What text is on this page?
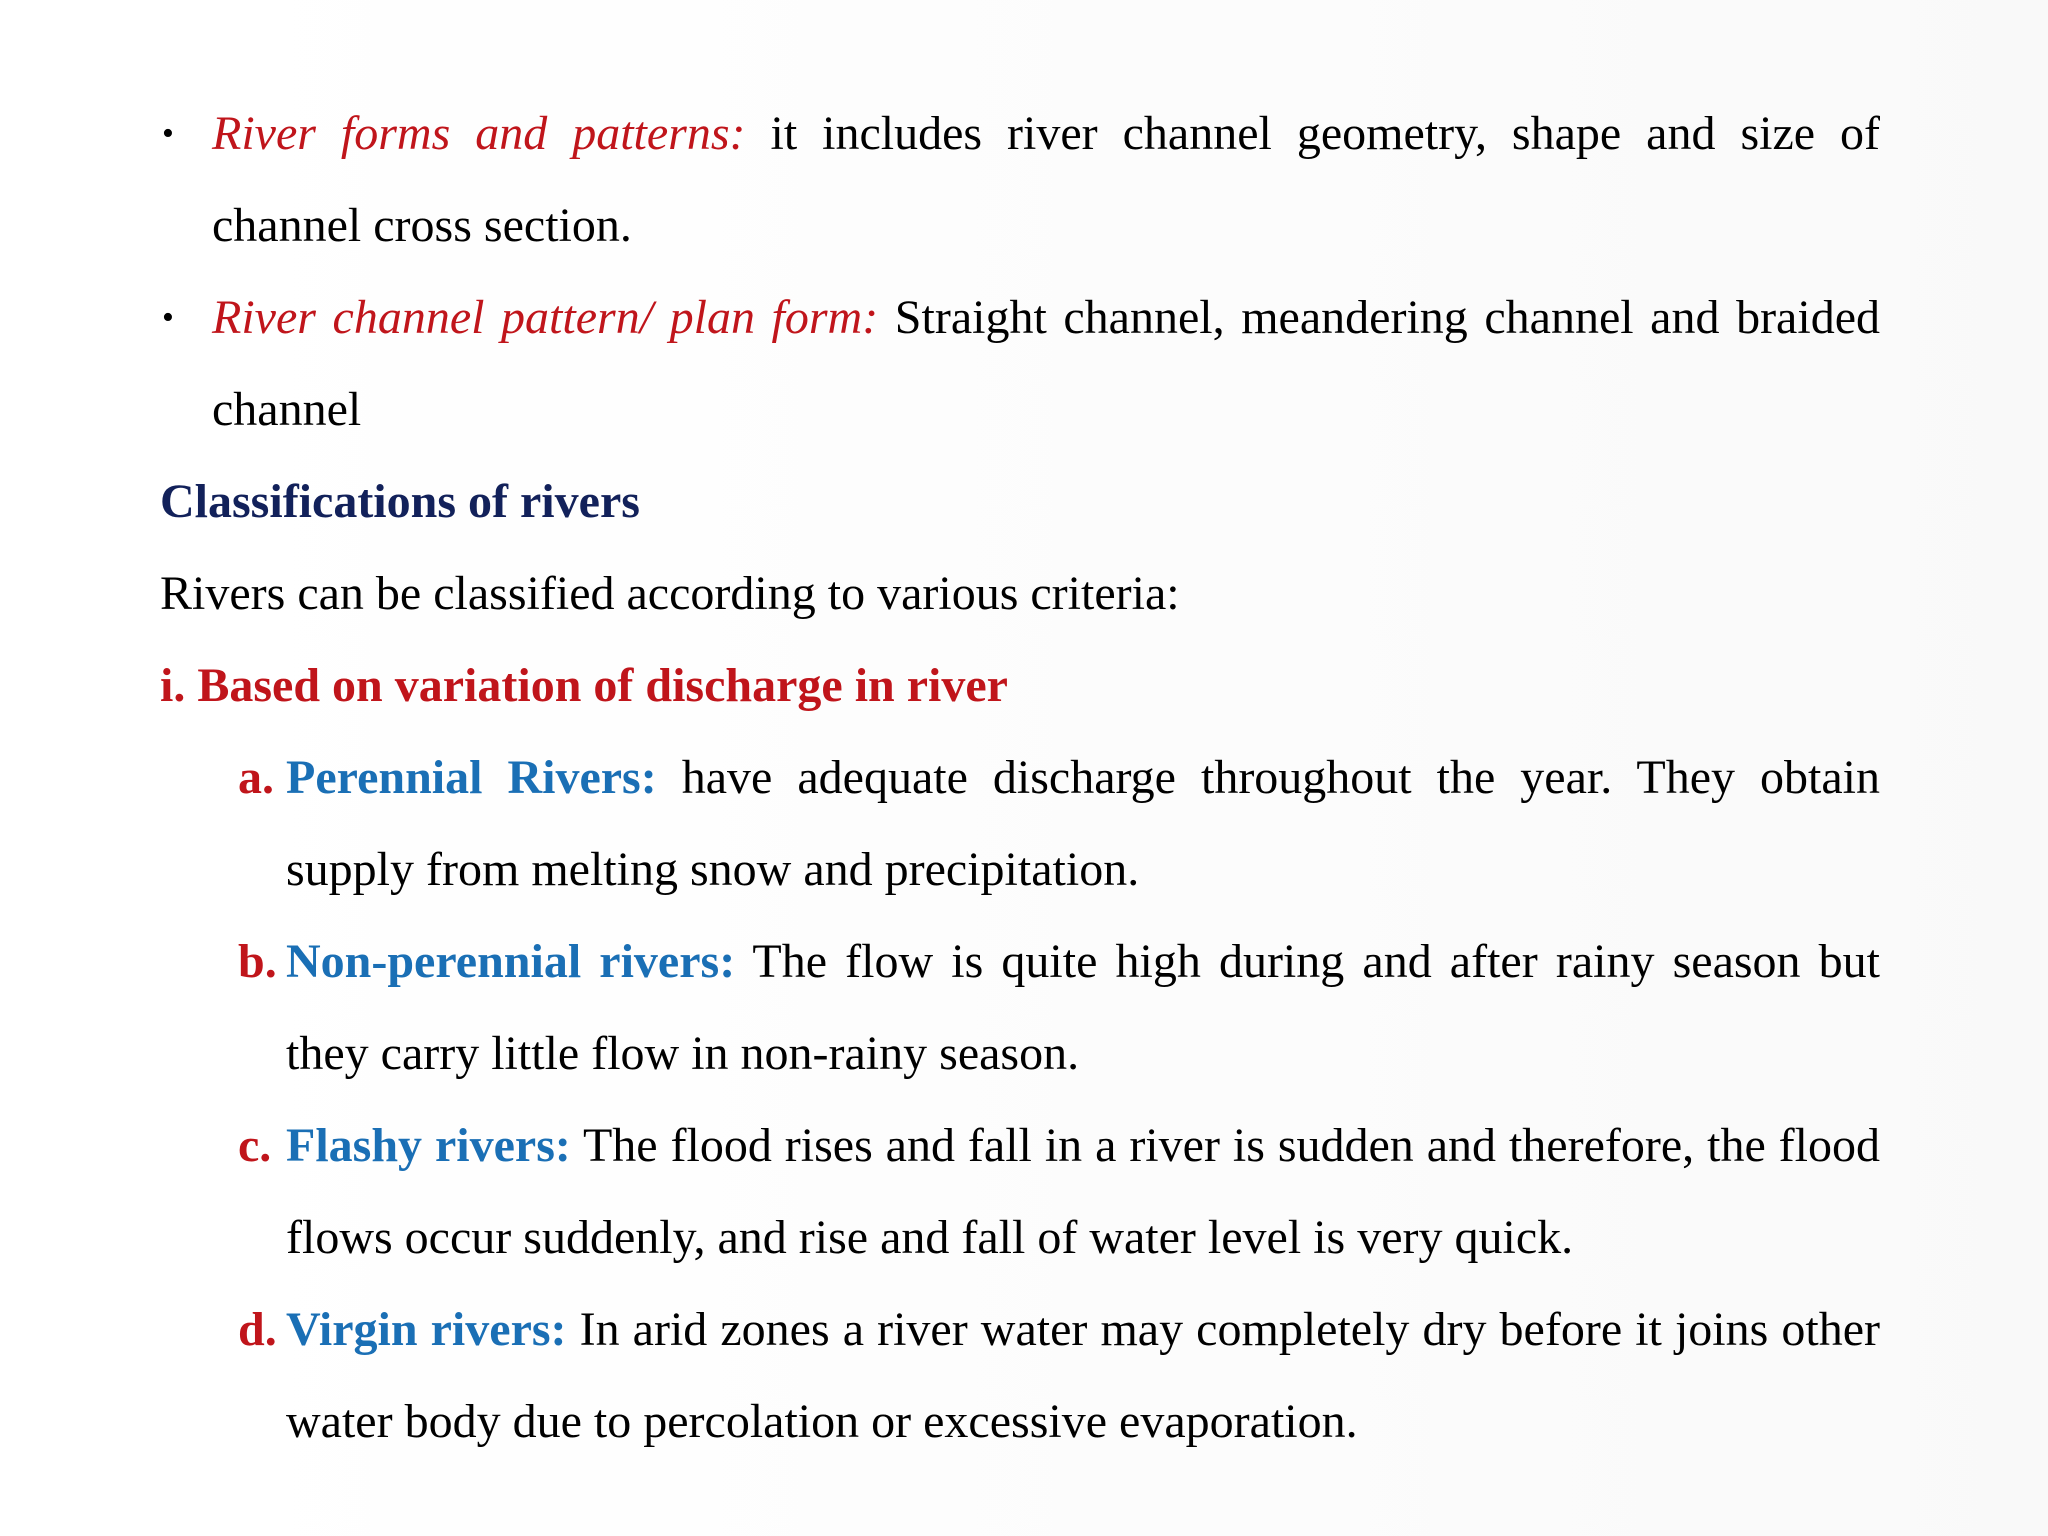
• River forms and patterns: it includes river channel geometry, shape and size of channel cross section.
• River channel pattern/ plan form: Straight channel, meandering channel and braided channel
Classifications of rivers
Rivers can be classified according to various criteria:
i. Based on variation of discharge in river
a. Perennial Rivers: have adequate discharge throughout the year. They obtain supply from melting snow and precipitation.
b. Non-perennial rivers: The flow is quite high during and after rainy season but they carry little flow in non-rainy season.
c. Flashy rivers: The flood rises and fall in a river is sudden and therefore, the flood flows occur suddenly, and rise and fall of water level is very quick.
d. Virgin rivers: In arid zones a river water may completely dry before it joins other water body due to percolation or excessive evaporation.
